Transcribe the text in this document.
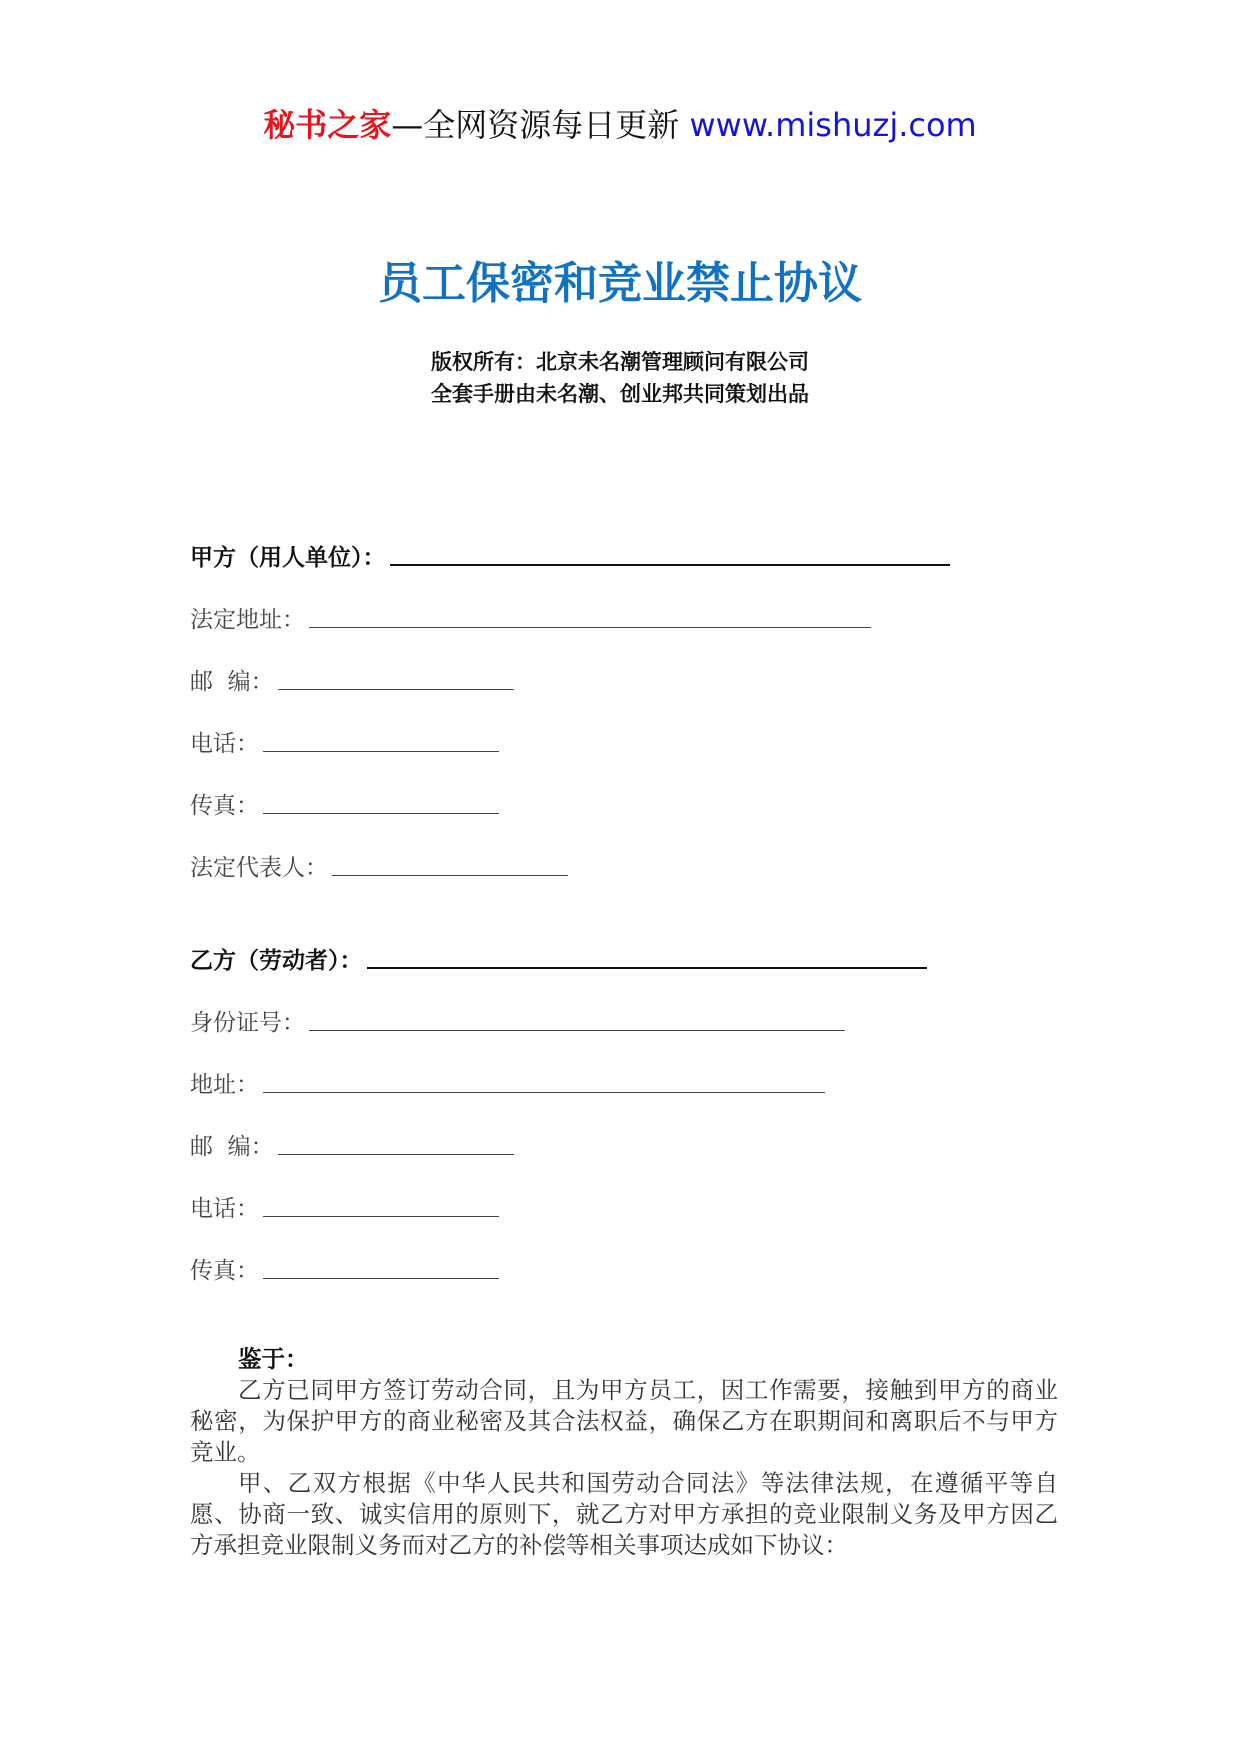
秘书之家—全网资源每日更新 www.mishuzj.com
员工保密和竞业禁止协议
版权所有：北京未名潮管理顾问有限公司
全套手册由未名潮、创业邦共同策划出品
甲方（用人单位）：
法定地址：
邮  编：
电话：
传真：
法定代表人：
乙方（劳动者）：
身份证号：
地址：
邮  编：
电话：
传真：
鉴于：

乙方已同甲方签订劳动合同，且为甲方员工，因工作需要，接触到甲方的商业秘密，为保护甲方的商业秘密及其合法权益，确保乙方在职期间和离职后不与甲方竞业。

甲、乙双方根据《中华人民共和国劳动合同法》等法律法规，在遵循平等自愿、协商一致、诚实信用的原则下，就乙方对甲方承担的竞业限制义务及甲方因乙方承担竞业限制义务而对乙方的补偿等相关事项达成如下协议：
